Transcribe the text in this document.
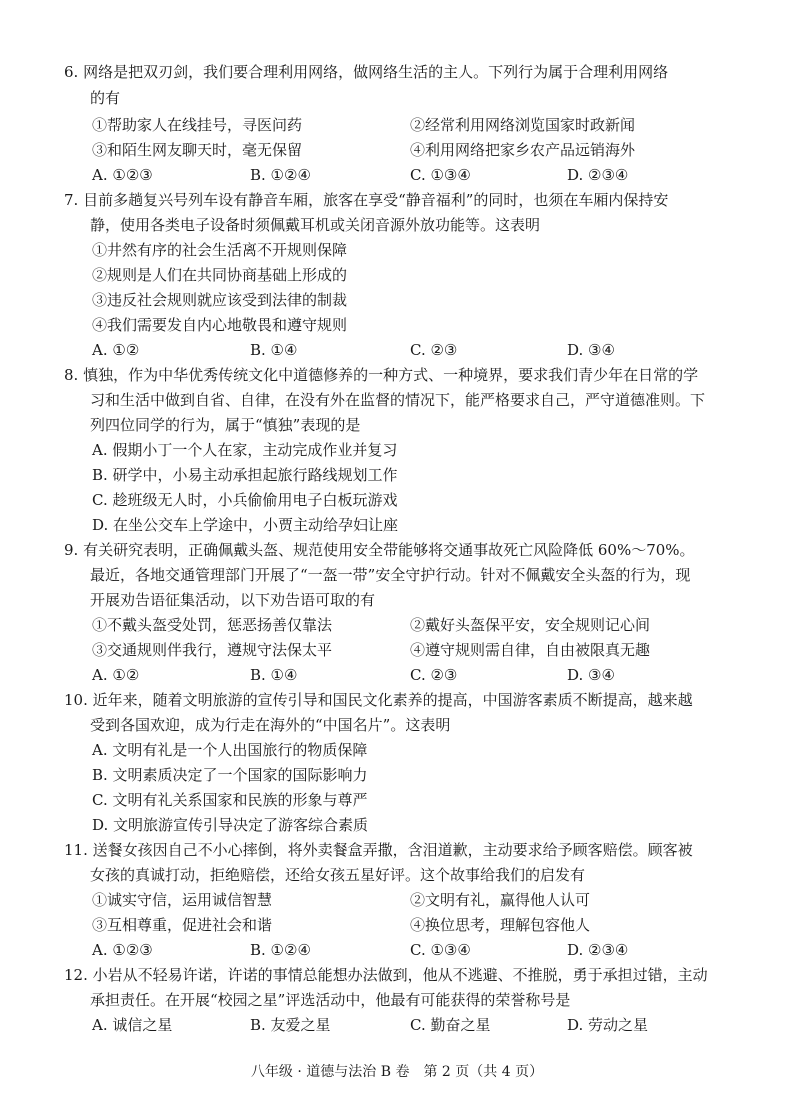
6. 网络是把双刃剑，我们要合理利用网络，做网络生活的主人。下列行为属于合理利用网络
的有
①帮助家人在线挂号，寻医问药	②经常利用网络浏览国家时政新闻
③和陌生网友聊天时，毫无保留	④利用网络把家乡农产品远销海外
A. ①②③	B. ①②④	C. ①③④	D. ②③④
7. 目前多趟复兴号列车设有静音车厢，旅客在享受“静音福利”的同时，也须在车厢内保持安
静，使用各类电子设备时须佩戴耳机或关闭音源外放功能等。这表明
①井然有序的社会生活离不开规则保障
②规则是人们在共同协商基础上形成的
③违反社会规则就应该受到法律的制裁
④我们需要发自内心地敬畏和遵守规则
A. ①②	B. ①④	C. ②③	D. ③④
8. 慎独，作为中华优秀传统文化中道德修养的一种方式、一种境界，要求我们青少年在日常的学
习和生活中做到自省、自律，在没有外在监督的情况下，能严格要求自己，严守道德准则。下
列四位同学的行为，属于“慎独”表现的是
A. 假期小丁一个人在家，主动完成作业并复习
B. 研学中，小易主动承担起旅行路线规划工作
C. 趁班级无人时，小兵偷偷用电子白板玩游戏
D. 在坐公交车上学途中，小贾主动给孕妇让座
9. 有关研究表明，正确佩戴头盔、规范使用安全带能够将交通事故死亡风险降低 60%～70%。
最近，各地交通管理部门开展了“一盔一带”安全守护行动。针对不佩戴安全头盔的行为，现
开展劝告语征集活动，以下劝告语可取的有
①不戴头盔受处罚，惩恶扬善仅靠法	②戴好头盔保平安，安全规则记心间
③交通规则伴我行，遵规守法保太平	④遵守规则需自律，自由被限真无趣
A. ①②	B. ①④	C. ②③	D. ③④
10. 近年来，随着文明旅游的宣传引导和国民文化素养的提高，中国游客素质不断提高，越来越
受到各国欢迎，成为行走在海外的“中国名片”。这表明
A. 文明有礼是一个人出国旅行的物质保障
B. 文明素质决定了一个国家的国际影响力
C. 文明有礼关系国家和民族的形象与尊严
D. 文明旅游宣传引导决定了游客综合素质
11. 送餐女孩因自己不小心摔倒，将外卖餐盒弄撒，含泪道歉，主动要求给予顾客赔偿。顾客被
女孩的真诚打动，拒绝赔偿，还给女孩五星好评。这个故事给我们的启发有
①诚实守信，运用诚信智慧	②文明有礼，赢得他人认可
③互相尊重，促进社会和谐	④换位思考，理解包容他人
A. ①②③	B. ①②④	C. ①③④	D. ②③④
12. 小岩从不轻易许诺，许诺的事情总能想办法做到，他从不逃避、不推脱，勇于承担过错，主动
承担责任。在开展“校园之星”评选活动中，他最有可能获得的荣誉称号是
A. 诚信之星	B. 友爱之星	C. 勤奋之星	D. 劳动之星
八年级 · 道德与法治 B 卷　第 2 页（共 4 页）
